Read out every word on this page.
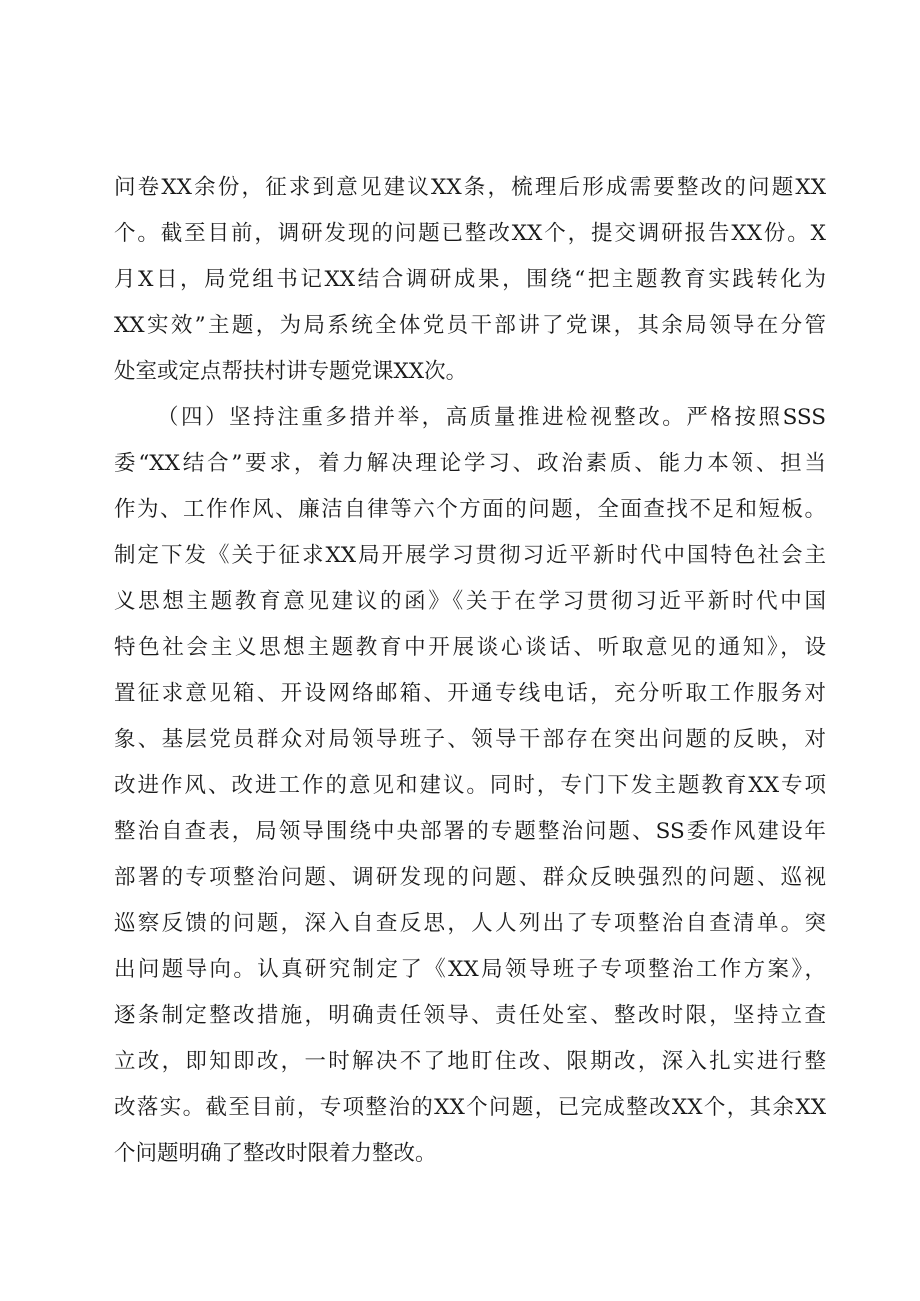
问卷XX余份，征求到意见建议XX条，梳理后形成需要整改的问题XX
个。截至目前，调研发现的问题已整改XX个，提交调研报告XX份。X
月X日，局党组书记XX结合调研成果，围绕“把主题教育实践转化为
XX实效”主题，为局系统全体党员干部讲了党课，其余局领导在分管
处室或定点帮扶村讲专题党课XX次。
（四）坚持注重多措并举，高质量推进检视整改。严格按照SSS
委“XX结合”要求，着力解决理论学习、政治素质、能力本领、担当
作为、工作作风、廉洁自律等六个方面的问题，全面查找不足和短板。
制定下发《关于征求XX局开展学习贯彻习近平新时代中国特色社会主
义思想主题教育意见建议的函》《关于在学习贯彻习近平新时代中国
特色社会主义思想主题教育中开展谈心谈话、听取意见的通知》，设
置征求意见箱、开设网络邮箱、开通专线电话，充分听取工作服务对
象、基层党员群众对局领导班子、领导干部存在突出问题的反映，对
改进作风、改进工作的意见和建议。同时，专门下发主题教育XX专项
整治自查表，局领导围绕中央部署的专题整治问题、SS委作风建设年
部署的专项整治问题、调研发现的问题、群众反映强烈的问题、巡视
巡察反馈的问题，深入自查反思，人人列出了专项整治自查清单。突
出问题导向。认真研究制定了《XX局领导班子专项整治工作方案》，
逐条制定整改措施，明确责任领导、责任处室、整改时限，坚持立查
立改，即知即改，一时解决不了地盯住改、限期改，深入扎实进行整
改落实。截至目前，专项整治的XX个问题，已完成整改XX个，其余XX
个问题明确了整改时限着力整改。
